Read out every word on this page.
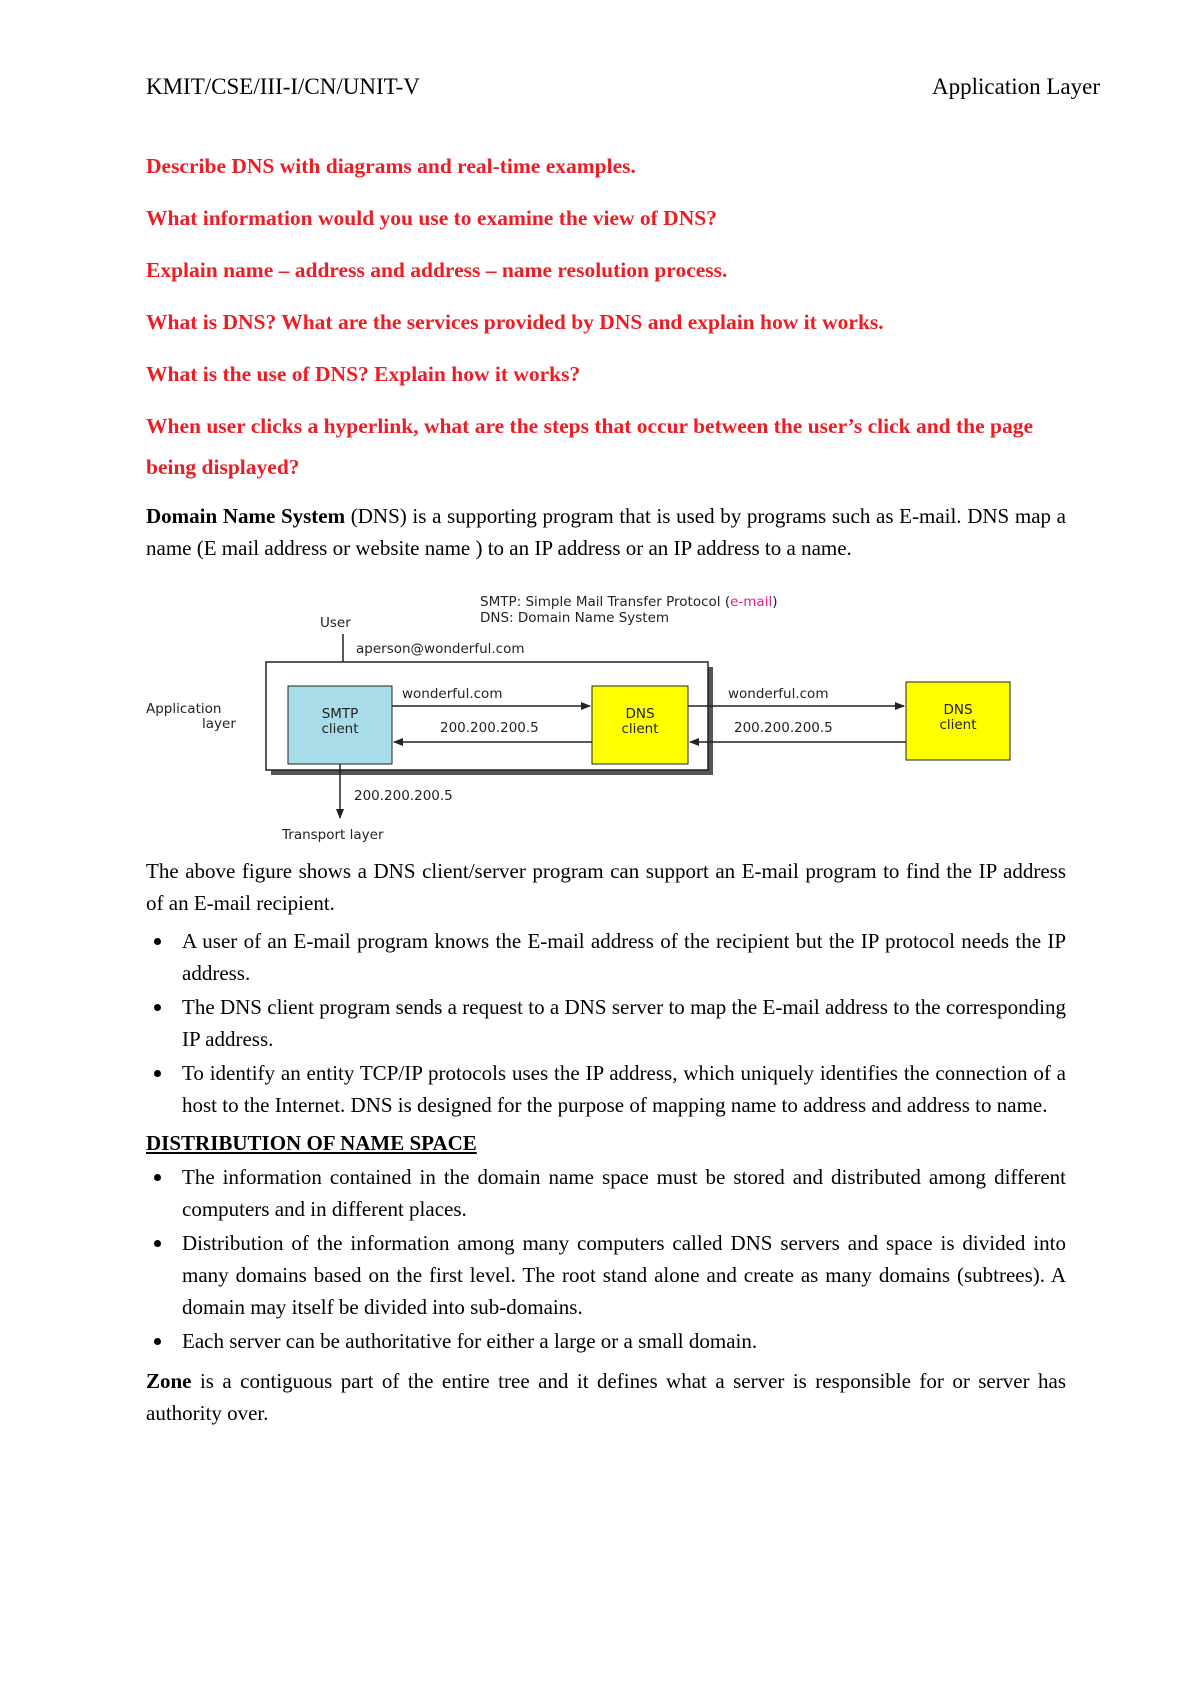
KMIT/CSE/III-I/CN/UNIT-V	Application Layer

Describe DNS with diagrams and real-time examples.

What information would you use to examine the view of DNS?

Explain name – address and address – name resolution process.

What is DNS? What are the services provided by DNS and explain how it works.

What is the use of DNS? Explain how it works?

When user clicks a hyperlink, what are the steps that occur between the user’s click and the page being displayed?

Domain Name System (DNS) is a supporting program that is used by programs such as E-mail. DNS map a name (E mail address or website name ) to an IP address or an IP address to a name.
SMTP: Simple Mail Transfer Protocol (e-mail)
DNS: Domain Name System
User
aperson@wonderful.com
Application
layer
SMTP
client
DNS
client
DNS
client
wonderful.com
200.200.200.5
wonderful.com
200.200.200.5
200.200.200.5
Transport layer

The above figure shows a DNS client/server program can support an E-mail program to find the IP address of an E-mail recipient.

A user of an E-mail program knows the E-mail address of the recipient but the IP protocol needs the IP address.
The DNS client program sends a request to a DNS server to map the E-mail address to the corresponding IP address.
To identify an entity TCP/IP protocols uses the IP address, which uniquely identifies the connection of a host to the Internet. DNS is designed for the purpose of mapping name to address and address to name.
DISTRIBUTION OF NAME SPACE
The information contained in the domain name space must be stored and distributed among different computers and in different places.
Distribution of the information among many computers called DNS servers and space is divided into many domains based on the first level. The root stand alone and create as many domains (subtrees). A domain may itself be divided into sub-domains.
Each server can be authoritative for either a large or a small domain.

Zone is a contiguous part of the entire tree and it defines what a server is responsible for or server has authority over.
